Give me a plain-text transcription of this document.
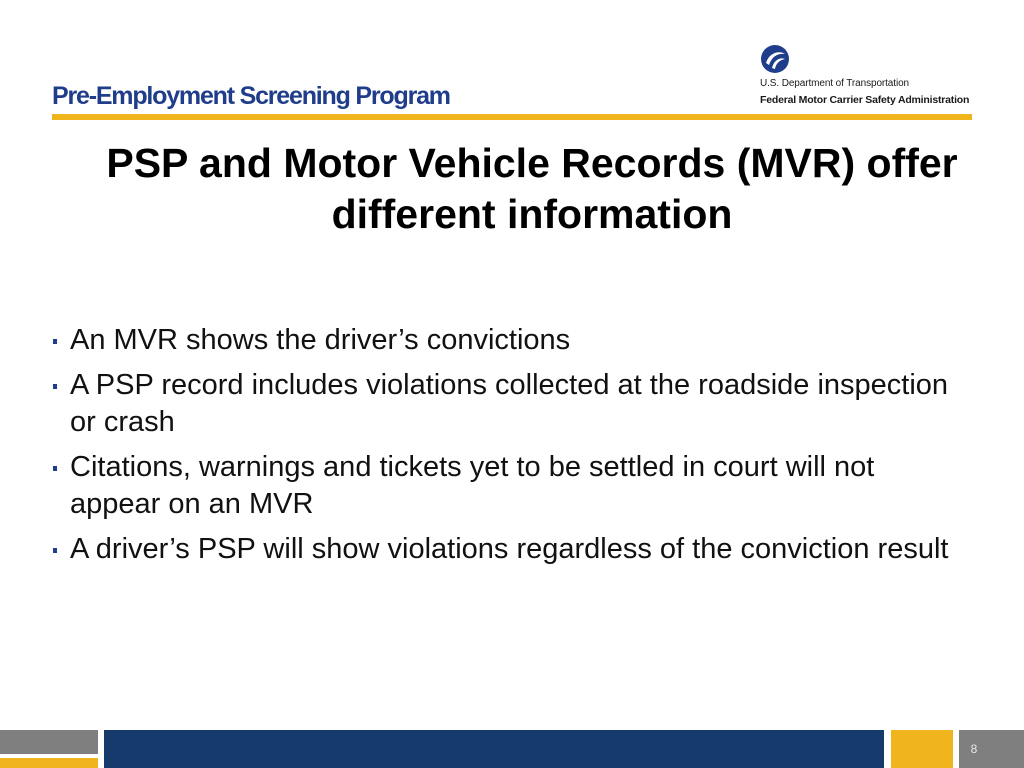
Pre-Employment Screening Program	U.S. Department of Transportation
Federal Motor Carrier Safety Administration
PSP and Motor Vehicle Records (MVR) offer different information
An MVR shows the driver’s convictions
A PSP record includes violations collected at the roadside inspection or crash
Citations, warnings and tickets yet to be settled in court will not appear on an MVR
A driver’s PSP will show violations regardless of the conviction result
8
